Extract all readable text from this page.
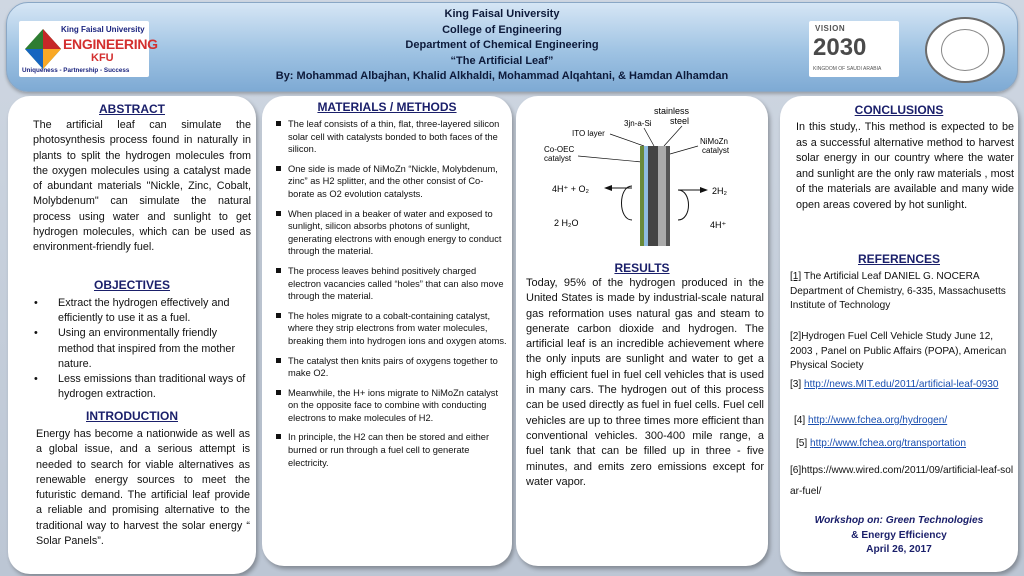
King Faisal University
ENGINEERING
KFU
Uniqueness - Partnership - Success
King Faisal University
College of Engineering
Department of Chemical Engineering
“The Artificial Leaf”
By: Mohammad Albajhan, Khalid Alkhaldi, Mohammad Alqahtani, & Hamdan Alhamdan
VISION
2030
KINGDOM OF SAUDI ARABIA
ABSTRACT
The artificial leaf can simulate the photosynthesis process found in naturally in plants to split the hydrogen molecules from the oxygen molecules using a catalyst made of abundant materials "Nickle, Zinc, Cobalt, Molybdenum" can simulate the natural process using water and sunlight to get hydrogen molecules, which can be used as environment-friendly fuel.
OBJECTIVES
• Extract the hydrogen effectively and efficiently to use it as a fuel.
• Using an environmentally friendly method that inspired from the mother nature.
• Less emissions than traditional ways of hydrogen extraction.
INTRODUCTION
Energy has become a nationwide as well as a global issue, and a serious attempt is needed to search for viable alternatives as renewable energy sources to meet the futuristic demand. The artificial leaf provide a reliable and promising alternative to the traditional way to harvest the solar energy “ Solar Panels”.
MATERIALS / METHODS
The leaf consists of a thin, flat, three-layered silicon solar cell with catalysts bonded to both faces of the silicon.
One side is made of NiMoZn “Nickle, Molybdenum, zinc” as H2 splitter, and the other consist of Co-borate as O2 evolution catalysts.
When placed in a beaker of water and exposed to sunlight, silicon absorbs photons of sunlight, generating electrons with enough energy to conduct through the material.
The process leaves behind positively charged electron vacancies called “holes” that can also move through the material.
The holes migrate to a cobalt-containing catalyst, where they strip electrons from water molecules, breaking them into hydrogen ions and oxygen atoms.
The catalyst then knits pairs of oxygens together to make O2.
Meanwhile, the H+ ions migrate to NiMoZn catalyst on the opposite face to combine with conducting electrons to make molecules of H2.
In principle, the H2 can then be stored and either burned or run through a fuel cell to generate electricity.
stainless
steel
ITO layer
3jn-a-Si
NiMoZn
catalyst
Co-OEC
catalyst
4H⁺ + O₂
2 H₂O
2H₂
4H⁺
RESULTS
Today, 95% of the hydrogen produced in the United States is made by industrial-scale natural gas reformation uses natural gas and steam to generate carbon dioxide and hydrogen. The artificial leaf is an incredible achievement where the only inputs are sunlight and water to get a high efficient fuel in fuel cell vehicles that is used in many cars. The hydrogen out of this process can be used directly as fuel in fuel cells. Fuel cell vehicles are up to three times more efficient than conventional vehicles. 300-400 mile range, a fuel tank that can be filled up in three - five minutes, and emits zero emissions except for water vapor.
CONCLUSIONS
In this study,. This method is expected to be as a successful alternative method to harvest solar energy in our country where the water and sunlight are the only raw materials , most of the materials are available and many wide open areas covered by hot sunlight.
REFERENCES
[1] The Artificial Leaf DANIEL G. NOCERA Department of Chemistry, 6-335, Massachusetts Institute of Technology
[2]Hydrogen Fuel Cell Vehicle Study June 12, 2003 , Panel on Public Affairs (POPA), American Physical Society
[3] http://news.MIT.edu/2011/artificial-leaf-0930
[4] http://www.fchea.org/hydrogen/
[5] http://www.fchea.org/transportation
[6]https://www.wired.com/2011/09/artificial-leaf-solar-fuel/
Workshop on: Green Technologies
& Energy Efficiency
April 26, 2017
